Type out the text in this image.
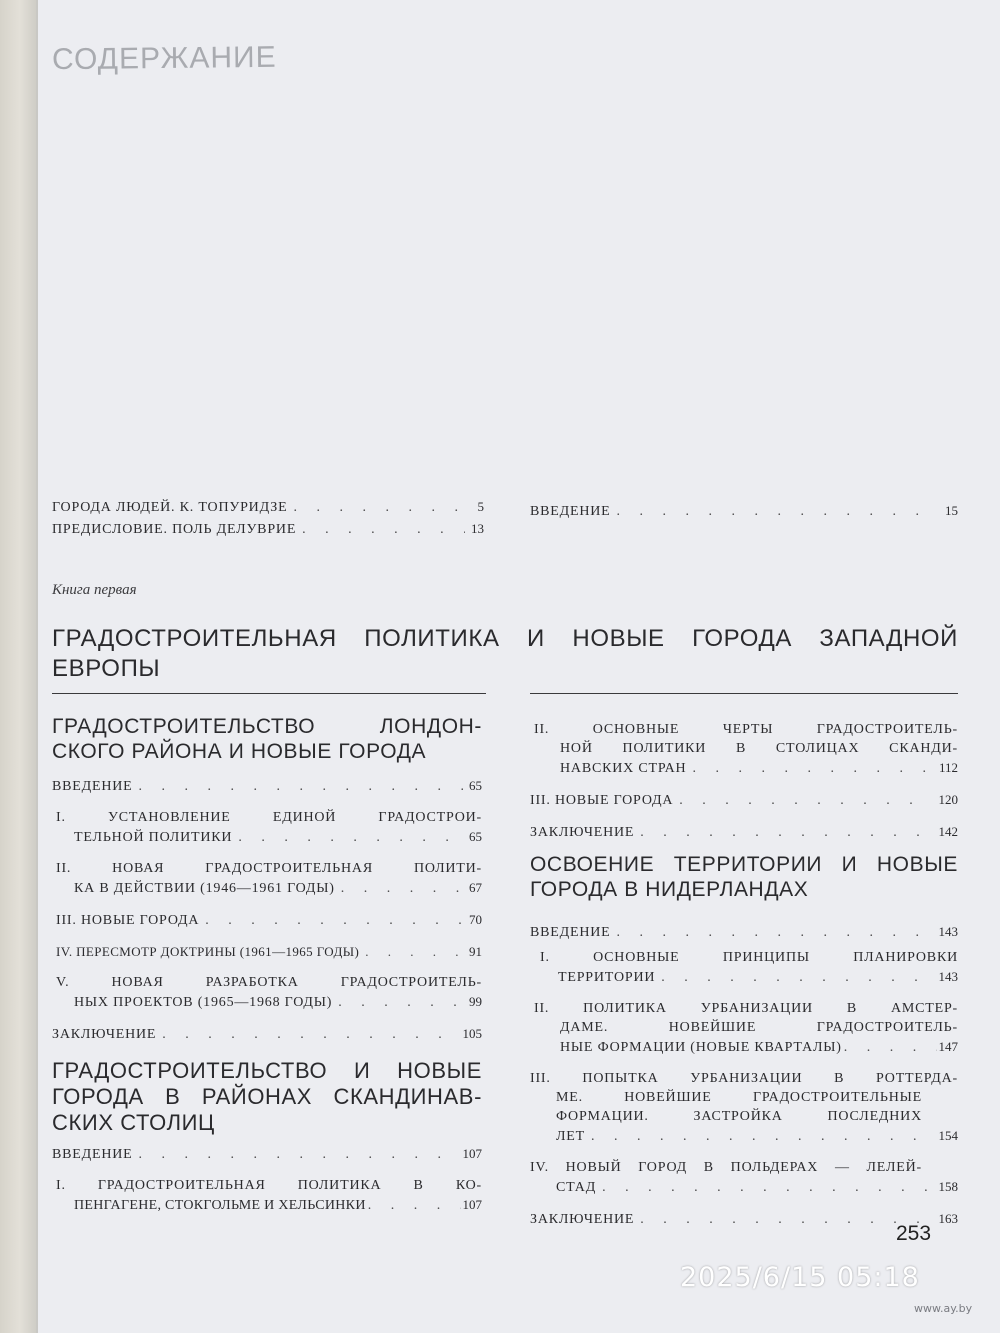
СОДЕРЖАНИЕ
ГОРОДА ЛЮДЕЙ. К. ТОПУРИДЗЕ . . .	5
ПРЕДИСЛОВИЕ. ПОЛЬ ДЕЛУВРИЕ . . .	13
ВВЕДЕНИЕ . . .	15
Книга первая
ГРАДОСТРОИТЕЛЬНАЯ ПОЛИТИКА И НОВЫЕ ГОРОДА ЗАПАДНОЙ ЕВРОПЫ
ГРАДОСТРОИТЕЛЬСТВО ЛОНДОН-
СКОГО РАЙОНА И НОВЫЕ ГОРОДА
ВВЕДЕНИЕ . . .	65
I. УСТАНОВЛЕНИЕ ЕДИНОЙ ГРАДОСТРОИ-
ТЕЛЬНОЙ ПОЛИТИКИ . . .	65
II. НОВАЯ ГРАДОСТРОИТЕЛЬНАЯ ПОЛИТИ-
КА В ДЕЙСТВИИ (1946—1961 ГОДЫ) . . .	67
III. НОВЫЕ ГОРОДА . . .	70
IV. ПЕРЕСМОТР ДОКТРИНЫ (1961—1965 ГОДЫ) . . .	91
V. НОВАЯ РАЗРАБОТКА ГРАДОСТРОИТЕЛЬ-
НЫХ ПРОЕКТОВ (1965—1968 ГОДЫ) . . .	99
ЗАКЛЮЧЕНИЕ . . .	105
ГРАДОСТРОИТЕЛЬСТВО И НОВЫЕ
ГОРОДА В РАЙОНАХ СКАНДИНАВ-
СКИХ СТОЛИЦ
ВВЕДЕНИЕ . . .	107
I. ГРАДОСТРОИТЕЛЬНАЯ ПОЛИТИКА В КО-
ПЕНГАГЕНЕ, СТОКГОЛЬМЕ И ХЕЛЬСИНКИ . . .	107
II. ОСНОВНЫЕ ЧЕРТЫ ГРАДОСТРОИТЕЛЬ-
НОЙ ПОЛИТИКИ В СТОЛИЦАХ СКАНДИ-
НАВСКИХ СТРАН . . .	112
III. НОВЫЕ ГОРОДА . . .	120
ЗАКЛЮЧЕНИЕ . . .	142
ОСВОЕНИЕ ТЕРРИТОРИИ И НОВЫЕ
ГОРОДА В НИДЕРЛАНДАХ
ВВЕДЕНИЕ . . .	143
I. ОСНОВНЫЕ ПРИНЦИПЫ ПЛАНИРОВКИ
ТЕРРИТОРИИ . . .	143
II. ПОЛИТИКА УРБАНИЗАЦИИ В АМСТЕР-
ДАМЕ. НОВЕЙШИЕ ГРАДОСТРОИТЕЛЬ-
НЫЕ ФОРМАЦИИ (НОВЫЕ КВАРТАЛЫ) . . .	147
III. ПОПЫТКА УРБАНИЗАЦИИ В РОТТЕРДА-
МЕ. НОВЕЙШИЕ ГРАДОСТРОИТЕЛЬНЫЕ
ФОРМАЦИИ. ЗАСТРОЙКА ПОСЛЕДНИХ
ЛЕТ . . .	154
IV. НОВЫЙ ГОРОД В ПОЛЬДЕРАХ — ЛЕЛЕЙ-
СТАД . . .	158
ЗАКЛЮЧЕНИЕ . . .	163
253
2025/6/15 05:18
www.ay.by
